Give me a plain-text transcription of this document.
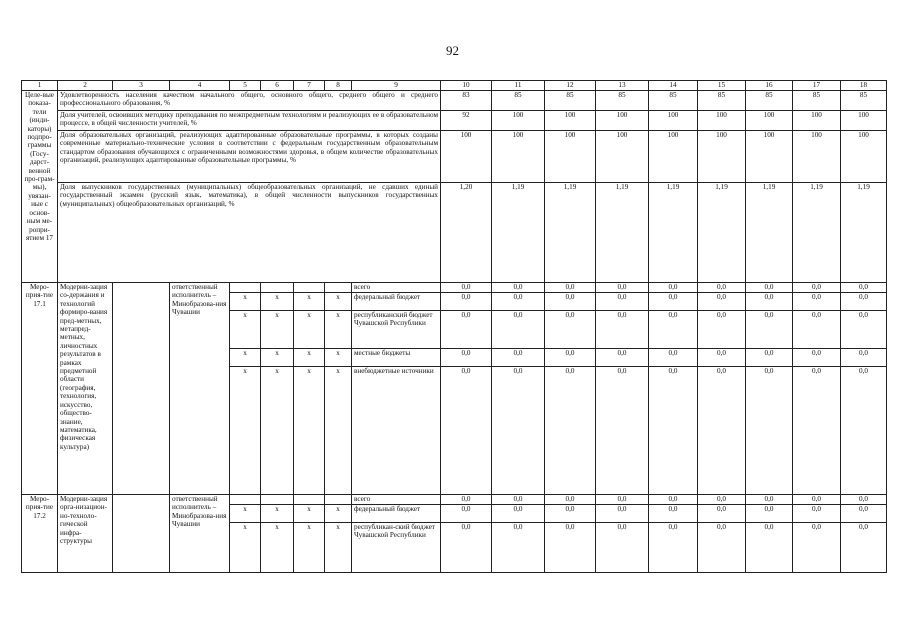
92
1	2	3	4	5	6	7	8	9	10	11	12	13	14	15	16	17	18
Целе-вые показа-тели (инди-каторы) подпро-граммы (Госу-дарст-венной про-грам-мы), увязан-ные с основ-ным ме-ропри-ятием 17	Удовлетворенность населения качеством начального общего, основного общего, среднего общего и среднего профессионального образования, %								83	85	85	85	85	85	85	85	85
	Доля учителей, освоивших методику преподавания по межпредметным технологиям и реализующих ее в образовательном процессе, в общей численности учителей, %								92	100	100	100	100	100	100	100	100
	Доля образовательных организаций, реализующих адаптированные образовательные программы, в которых созданы современные материально-технические условия в соответствии с федеральным государственным образовательным стандартом образования обучающихся с ограниченными возможностями здоровья, в общем количестве образовательных организаций, реализующих адаптированные образовательные программы, %								100	100	100	100	100	100	100	100	100
	Доля выпускников государственных (муниципальных) общеобразовательных организаций, не сдавших единый государственный экзамен (русский язык, математика), в общей численности выпускников государственных (муниципальных) общеобразовательных организаций, %								1,20	1,19	1,19	1,19	1,19	1,19	1,19	1,19	1,19
Меро-прия-тие 17.1	Модерни-зация со-держания и технологий формиро-вания пред-метных, метапред-метных, личностных результатов в рамках предметной области (география, технология, искусство, общество-знание, математика, физическая культура)		ответственный исполнитель – Минобразова-ния Чувашии					всего	0,0	0,0	0,0	0,0	0,0	0,0	0,0	0,0	0,0
				x	x	x	x	федеральный бюджет	0,0	0,0	0,0	0,0	0,0	0,0	0,0	0,0	0,0
				x	x	x	x	республиканский бюджет Чувашской Республики	0,0	0,0	0,0	0,0	0,0	0,0	0,0	0,0	0,0
				x	x	x	x	местные бюджеты	0,0	0,0	0,0	0,0	0,0	0,0	0,0	0,0	0,0
				x	x	x	x	внебюджетные источники	0,0	0,0	0,0	0,0	0,0	0,0	0,0	0,0	0,0
Меро-прия-тие 17.2	Модерни-зация орга-низацион-но-техноло-гической инфра-структуры		ответственный исполнитель – Минобразова-ния Чувашии					всего	0,0	0,0	0,0	0,0	0,0	0,0	0,0	0,0	0,0
				x	x	x	x	федеральный бюджет	0,0	0,0	0,0	0,0	0,0	0,0	0,0	0,0	0,0
				x	x	x	x	республикан-ский бюджет Чувашской Республики	0,0	0,0	0,0	0,0	0,0	0,0	0,0	0,0	0,0
